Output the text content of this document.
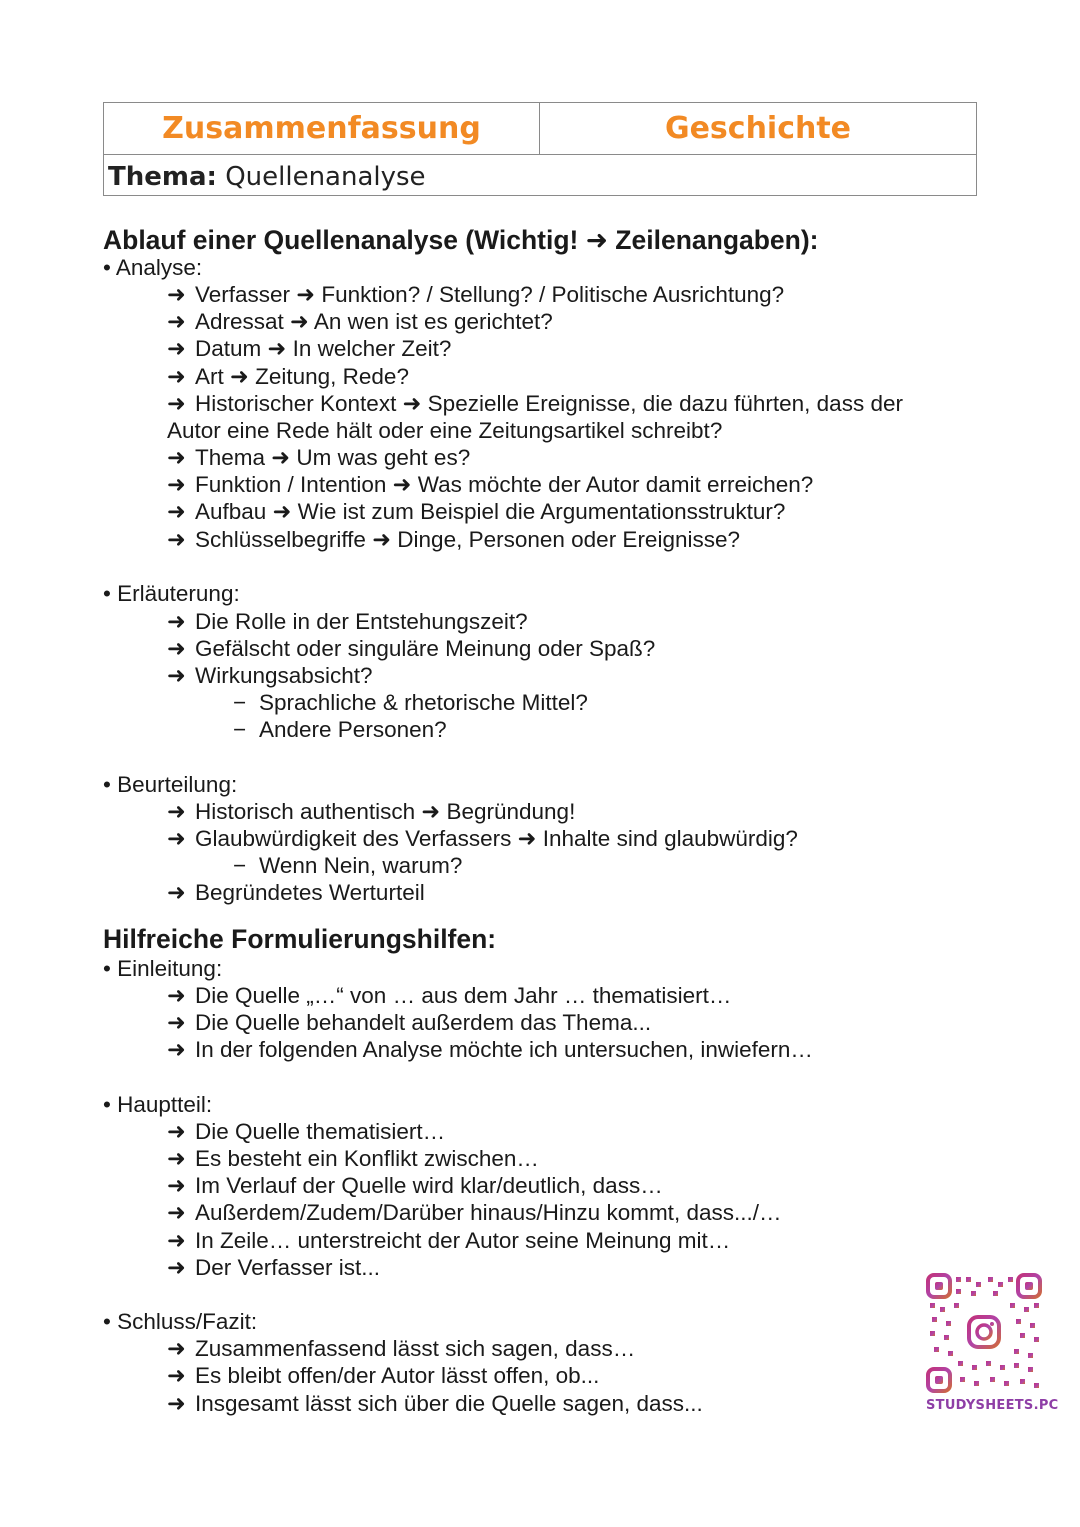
Zusammenfassung	Geschichte
Thema: Quellenanalyse
Ablauf einer Quellenanalyse (Wichtig! ➜ Zeilenangaben):
• Analyse:
➜ Verfasser ➜ Funktion? / Stellung? / Politische Ausrichtung?
➜ Adressat ➜ An wen ist es gerichtet?
➜ Datum ➜ In welcher Zeit?
➜ Art ➜ Zeitung, Rede?
➜ Historischer Kontext ➜ Spezielle Ereignisse, die dazu führten, dass der
Autor eine Rede hält oder eine Zeitungsartikel schreibt?
➜ Thema ➜ Um was geht es?
➜ Funktion / Intention ➜ Was möchte der Autor damit erreichen?
➜ Aufbau ➜ Wie ist zum Beispiel die Argumentationsstruktur?
➜ Schlüsselbegriffe ➜ Dinge, Personen oder Ereignisse?
• Erläuterung:
➜ Die Rolle in der Entstehungszeit?
➜ Gefälscht oder singuläre Meinung oder Spaß?
➜ Wirkungsabsicht?
− Sprachliche & rhetorische Mittel?
− Andere Personen?
• Beurteilung:
➜ Historisch authentisch ➜ Begründung!
➜ Glaubwürdigkeit des Verfassers ➜ Inhalte sind glaubwürdig?
− Wenn Nein, warum?
➜ Begründetes Werturteil
Hilfreiche Formulierungshilfen:
• Einleitung:
➜ Die Quelle „…“ von … aus dem Jahr … thematisiert…
➜ Die Quelle behandelt außerdem das Thema...
➜ In der folgenden Analyse möchte ich untersuchen, inwiefern…
• Hauptteil:
➜ Die Quelle thematisiert…
➜ Es besteht ein Konflikt zwischen…
➜ Im Verlauf der Quelle wird klar/deutlich, dass…
➜ Außerdem/Zudem/Darüber hinaus/Hinzu kommt, dass.../…
➜ In Zeile… unterstreicht der Autor seine Meinung mit…
➜ Der Verfasser ist...
• Schluss/Fazit:
➜ Zusammenfassend lässt sich sagen, dass…
➜ Es bleibt offen/der Autor lässt offen, ob...
➜ Insgesamt lässt sich über die Quelle sagen, dass...	STUDYSHEETS.PC
